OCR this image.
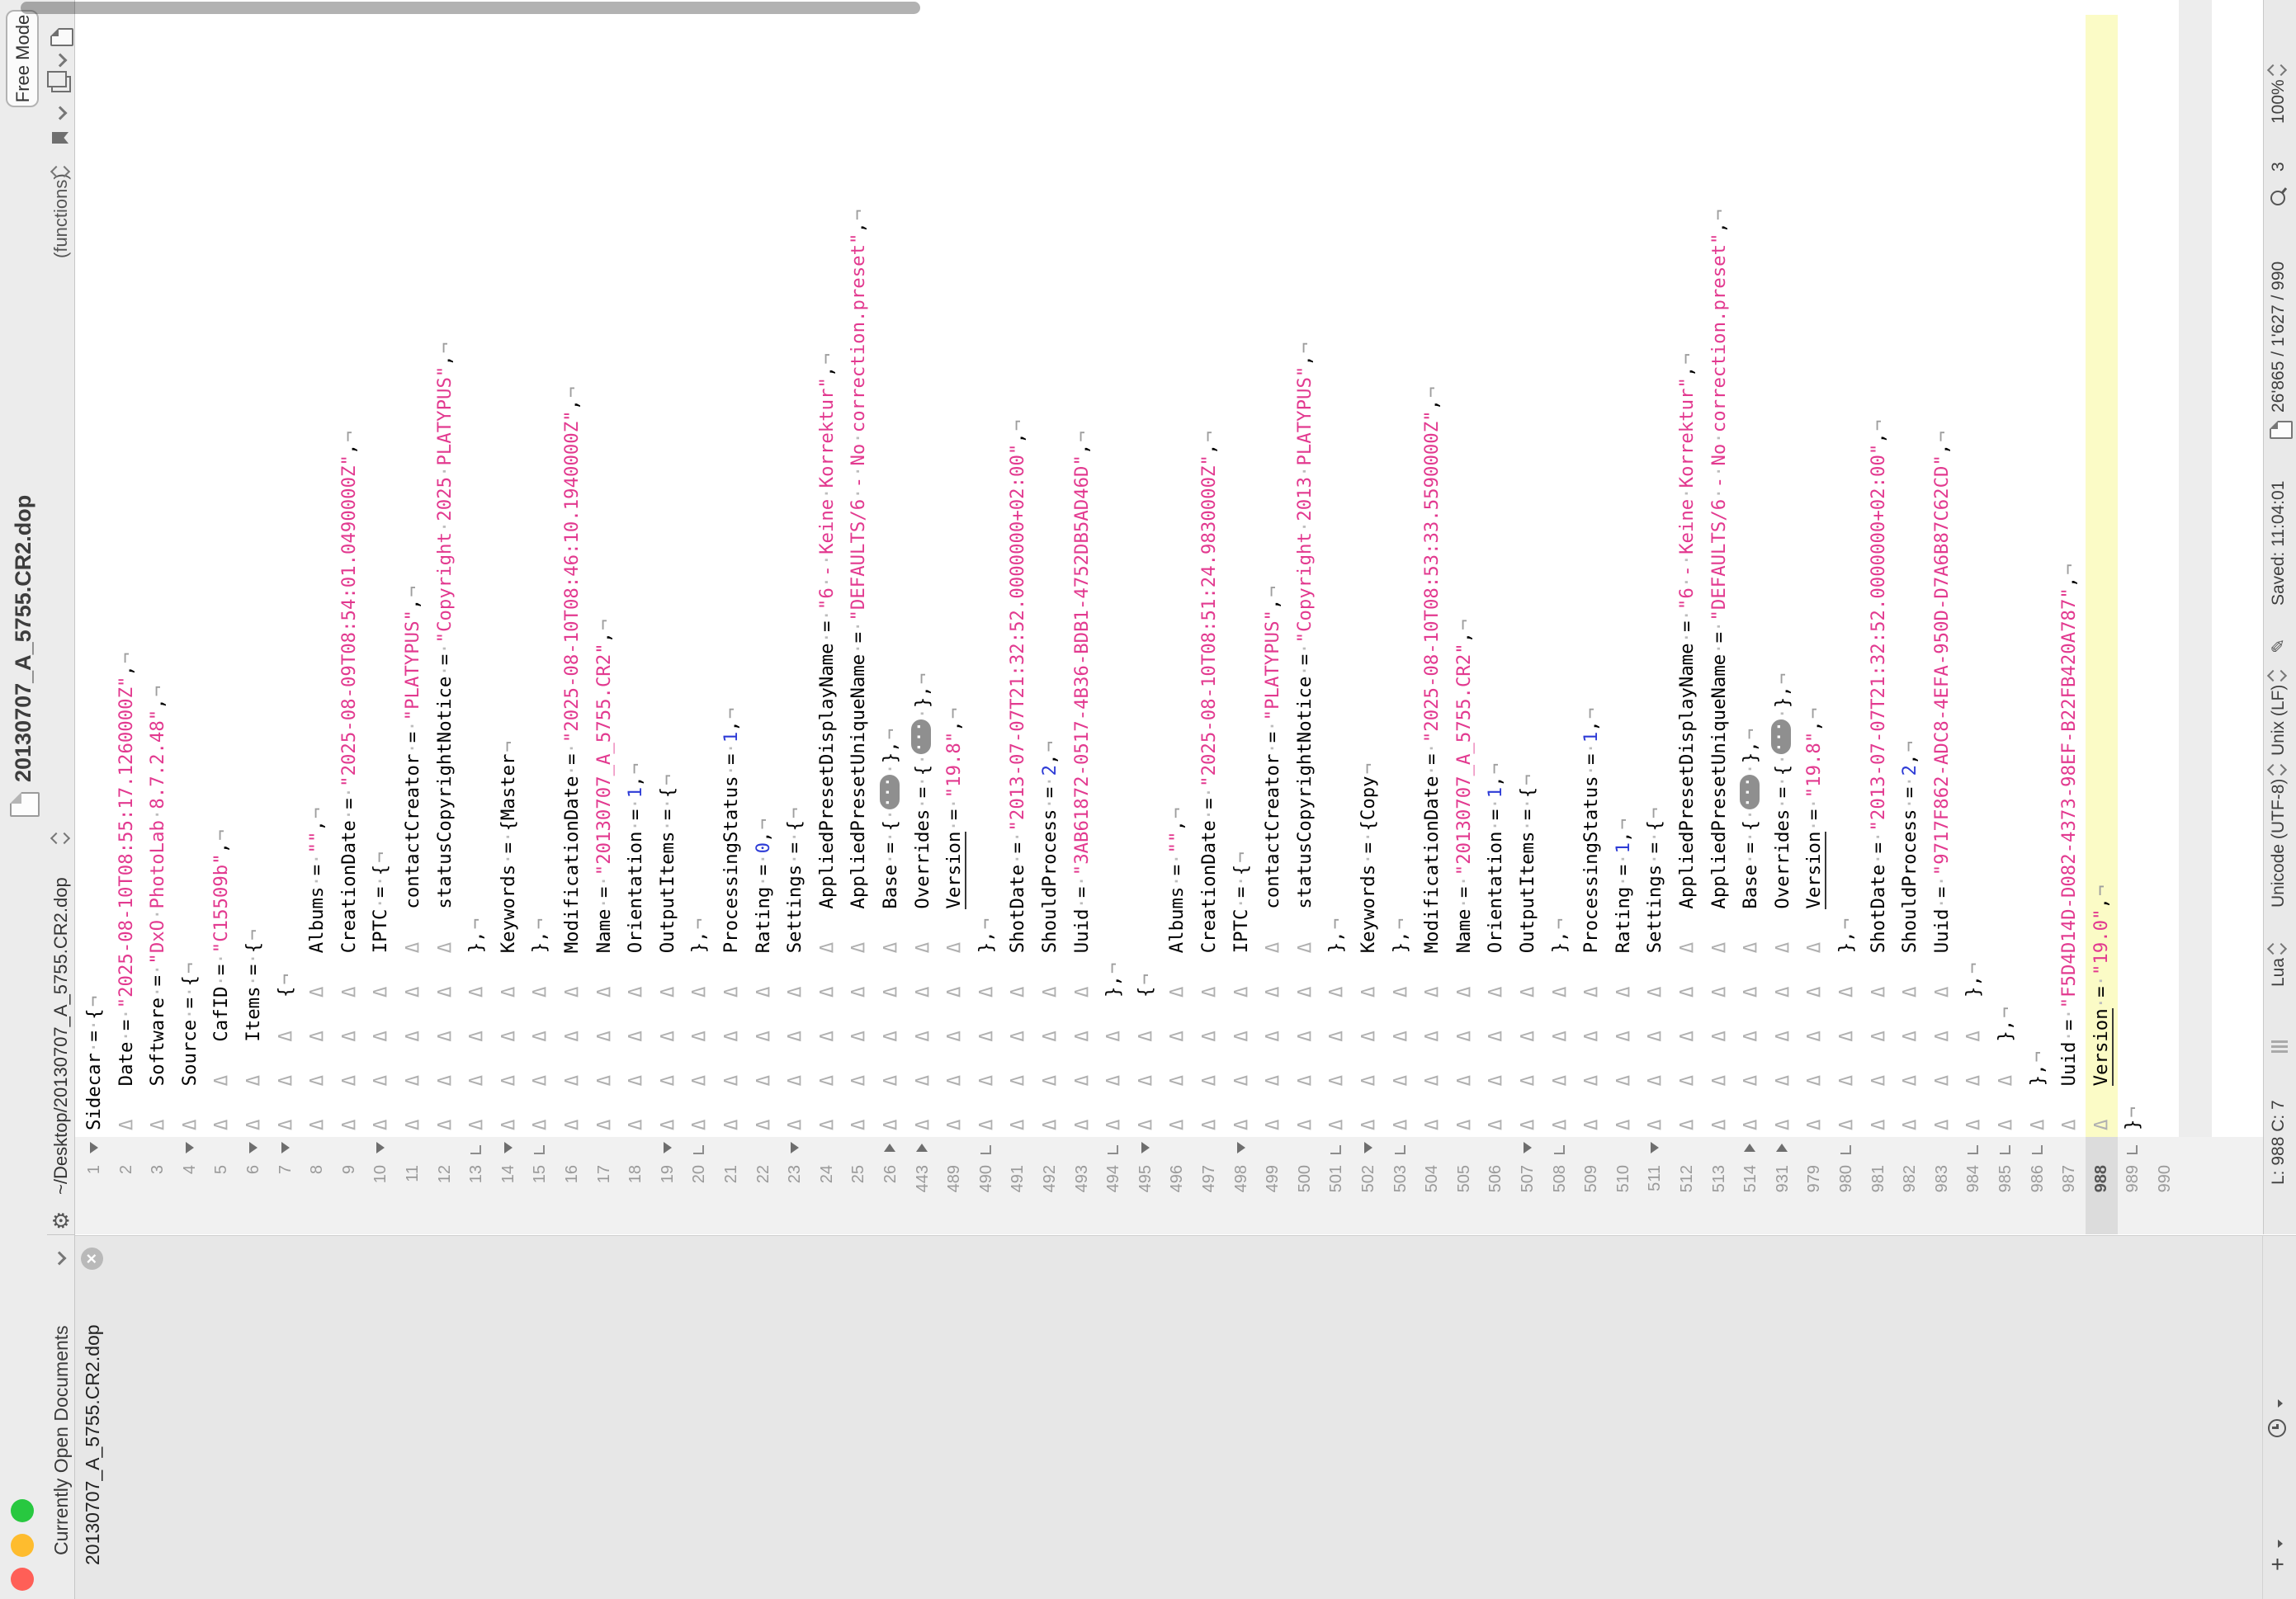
20130707_A_5755.CR2.dop
Free Mode
Currently Open Documents
⚙
~/Desktop/20130707_A_5755.CR2.dop
(functions)
20130707_A_5755.CR2.dop
✕
+
1 2 3 4 5 6 7 8 9 10 11 12 13 14 15 16 17 18 19 20 21 22 23 24 25 26 443 489 490 491 492 493 494 495 496 497 498 499 500 501 502 503 504 505 506 507 508 509 510 511 512 513 514 931 979 980 981 982 983 984 985 986 987 988 989 990
Sidecar·=·{¬
ΔDate·=·"2025-08-10T08:55:17.1260000Z",¬
ΔSoftware·=·"DxO·PhotoLab·8.7.2.48",¬
ΔSource·=·{¬
ΔΔCafID·=·"C15509b",¬
ΔΔItems·=·{¬
ΔΔΔ{¬
ΔΔΔΔAlbums·=·"",¬
ΔΔΔΔCreationDate·=·"2025-08-09T08:54:01.0490000Z",¬
ΔΔΔΔIPTC·=·{¬
ΔΔΔΔΔcontactCreator·=·"PLATYPUS",¬
ΔΔΔΔΔstatusCopyrightNotice·=·"Copyright·2025·PLATYPUS",¬
ΔΔΔΔ},¬
ΔΔΔΔKeywords·=·{Master¬
ΔΔΔΔ},¬
ΔΔΔΔModificationDate·=·"2025-08-10T08:46:10.1940000Z",¬
ΔΔΔΔName·=·"20130707_A_5755.CR2",¬
ΔΔΔΔOrientation·=·1,¬
ΔΔΔΔOutputItems·=·{¬
ΔΔΔΔ},¬
ΔΔΔΔProcessingStatus·=·1,¬
ΔΔΔΔRating·=·0,¬
ΔΔΔΔSettings·=·{¬
ΔΔΔΔΔAppliedPresetDisplayName·=·"6·-·Keine·Korrektur",¬
ΔΔΔΔΔAppliedPresetUniqueName·=·"DEFAULTS/6·-·No·correction.preset",¬
ΔΔΔΔΔBase·=·{·
···
·},¬
ΔΔΔΔΔOverrides·=·{·
···
·},¬
ΔΔΔΔΔVersion·=·"19.8",¬
ΔΔΔΔ},¬
ΔΔΔΔShotDate·=·"2013-07-07T21:32:52.0000000+02:00",¬
ΔΔΔΔShouldProcess·=·2,¬
ΔΔΔΔUuid·=·"3AB61872-0517-4B36-BDB1-4752DB5AD46D",¬
ΔΔΔ},¬
ΔΔΔ{¬
ΔΔΔΔAlbums·=·"",¬
ΔΔΔΔCreationDate·=·"2025-08-10T08:51:24.9830000Z",¬
ΔΔΔΔIPTC·=·{¬
ΔΔΔΔΔcontactCreator·=·"PLATYPUS",¬
ΔΔΔΔΔstatusCopyrightNotice·=·"Copyright·2013·PLATYPUS",¬
ΔΔΔΔ},¬
ΔΔΔΔKeywords·=·{Copy¬
ΔΔΔΔ},¬
ΔΔΔΔModificationDate·=·"2025-08-10T08:53:33.5590000Z",¬
ΔΔΔΔName·=·"20130707_A_5755.CR2",¬
ΔΔΔΔOrientation·=·1,¬
ΔΔΔΔOutputItems·=·{¬
ΔΔΔΔ},¬
ΔΔΔΔProcessingStatus·=·1,¬
ΔΔΔΔRating·=·1,¬
ΔΔΔΔSettings·=·{¬
ΔΔΔΔΔAppliedPresetDisplayName·=·"6·-·Keine·Korrektur",¬
ΔΔΔΔΔAppliedPresetUniqueName·=·"DEFAULTS/6·-·No·correction.preset",¬
ΔΔΔΔΔBase·=·{·
···
·},¬
ΔΔΔΔΔOverrides·=·{·
···
·},¬
ΔΔΔΔΔVersion·=·"19.8",¬
ΔΔΔΔ},¬
ΔΔΔΔShotDate·=·"2013-07-07T21:32:52.0000000+02:00",¬
ΔΔΔΔShouldProcess·=·2,¬
ΔΔΔΔUuid·=·"9717F862-ADC8-4EFA-950D-D7A6B87C62CD",¬
ΔΔΔ},¬
ΔΔ},¬
Δ},¬
ΔUuid·=·"F5D4D14D-D082-4373-98EF-B22FB420A787",¬
ΔVersion·=·"19.0",¬
}¬	L: 988 C: 7
Lua
Unicode (UTF-8)
Unix (LF)
✎
Saved: 11:04:01
26'865 / 1'627 / 990
3
100%
